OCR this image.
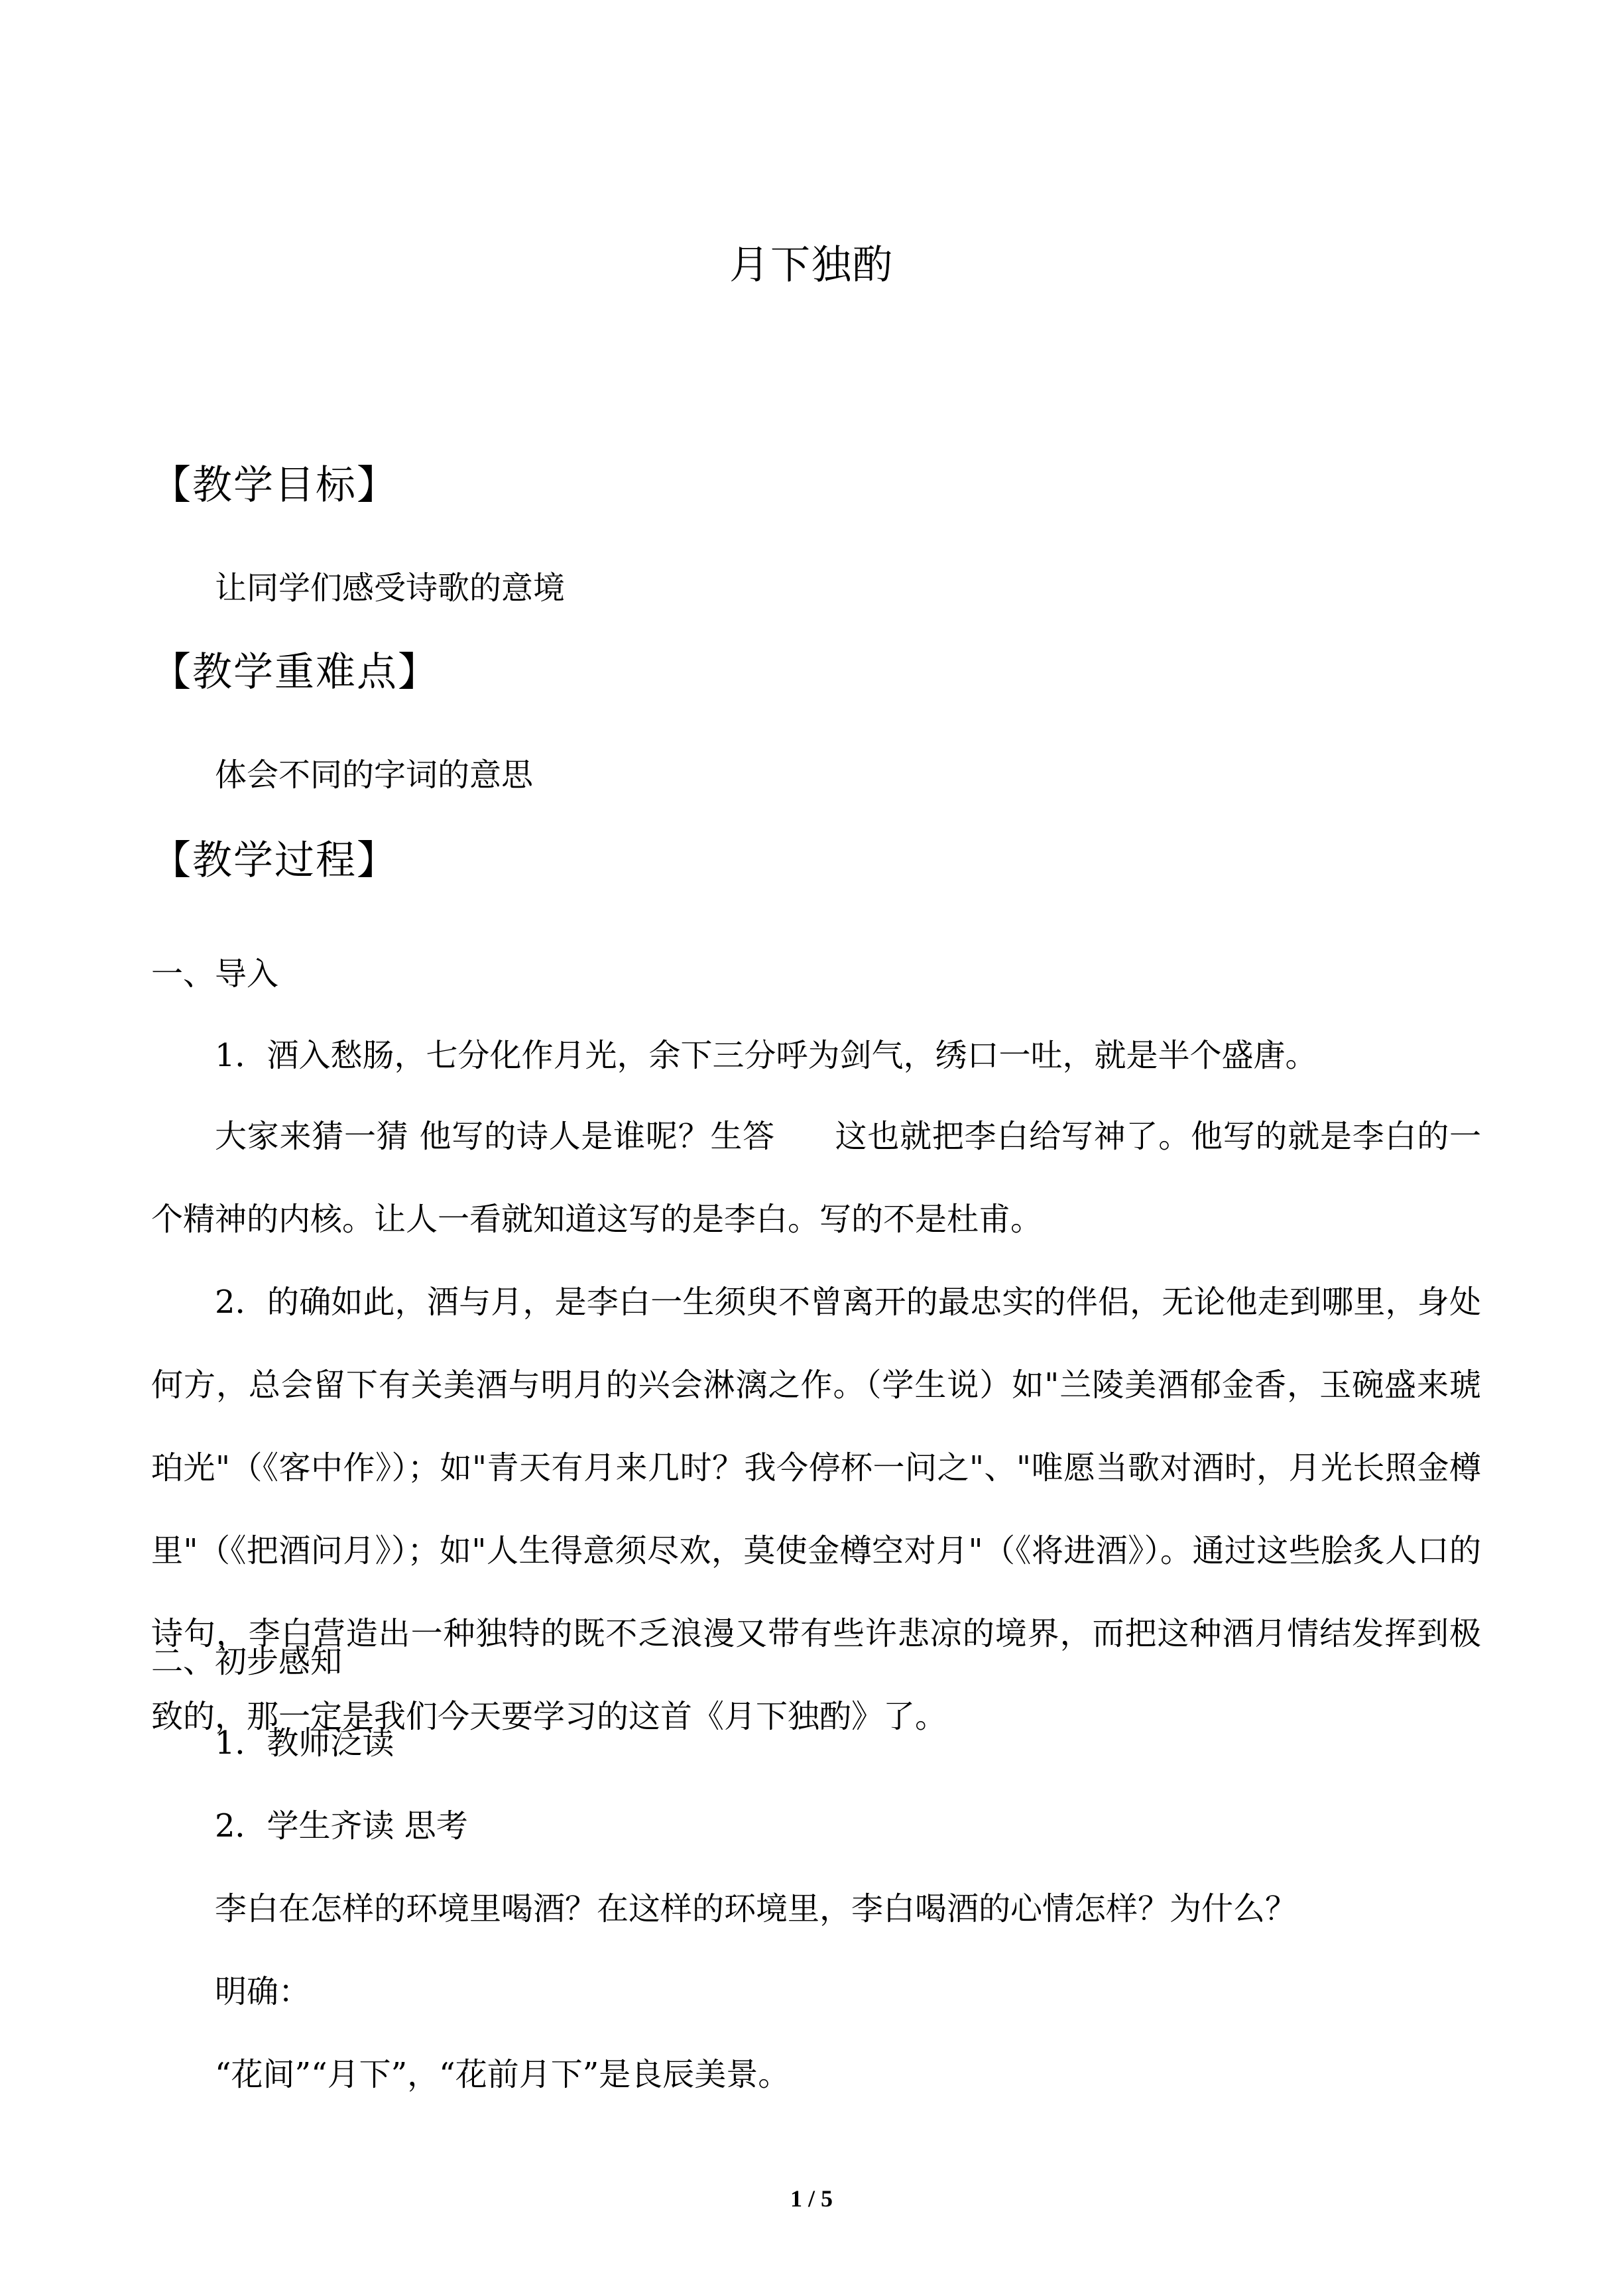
月下独酌
【教学目标】
让同学们感受诗歌的意境
【教学重难点】
体会不同的字词的意思
【教学过程】
一、导入
1．酒入愁肠，七分化作月光，余下三分呼为剑气，绣口一吐，就是半个盛唐。
大家来猜一猜 他写的诗人是谁呢？生答 这也就把李白给写神了。他写的就是李白的一个精神的内核。让人一看就知道这写的是李白。写的不是杜甫。
2．的确如此，酒与月，是李白一生须臾不曾离开的最忠实的伴侣，无论他走到哪里，身处何方，总会留下有关美酒与明月的兴会淋漓之作。（学生说）如"兰陵美酒郁金香，玉碗盛来琥珀光"（《客中作》）；如"青天有月来几时？我今停杯一问之"、"唯愿当歌对酒时，月光长照金樽里"（《把酒问月》）；如"人生得意须尽欢，莫使金樽空对月"（《将进酒》）。通过这些脍炙人口的诗句，李白营造出一种独特的既不乏浪漫又带有些许悲凉的境界，而把这种酒月情结发挥到极致的，那一定是我们今天要学习的这首《月下独酌》了。
二、初步感知
1．教师泛读
2．学生齐读 思考
李白在怎样的环境里喝酒？在这样的环境里，李白喝酒的心情怎样？为什么？
明确：
“花间”“月下”，“花前月下”是良辰美景。
1 / 5
